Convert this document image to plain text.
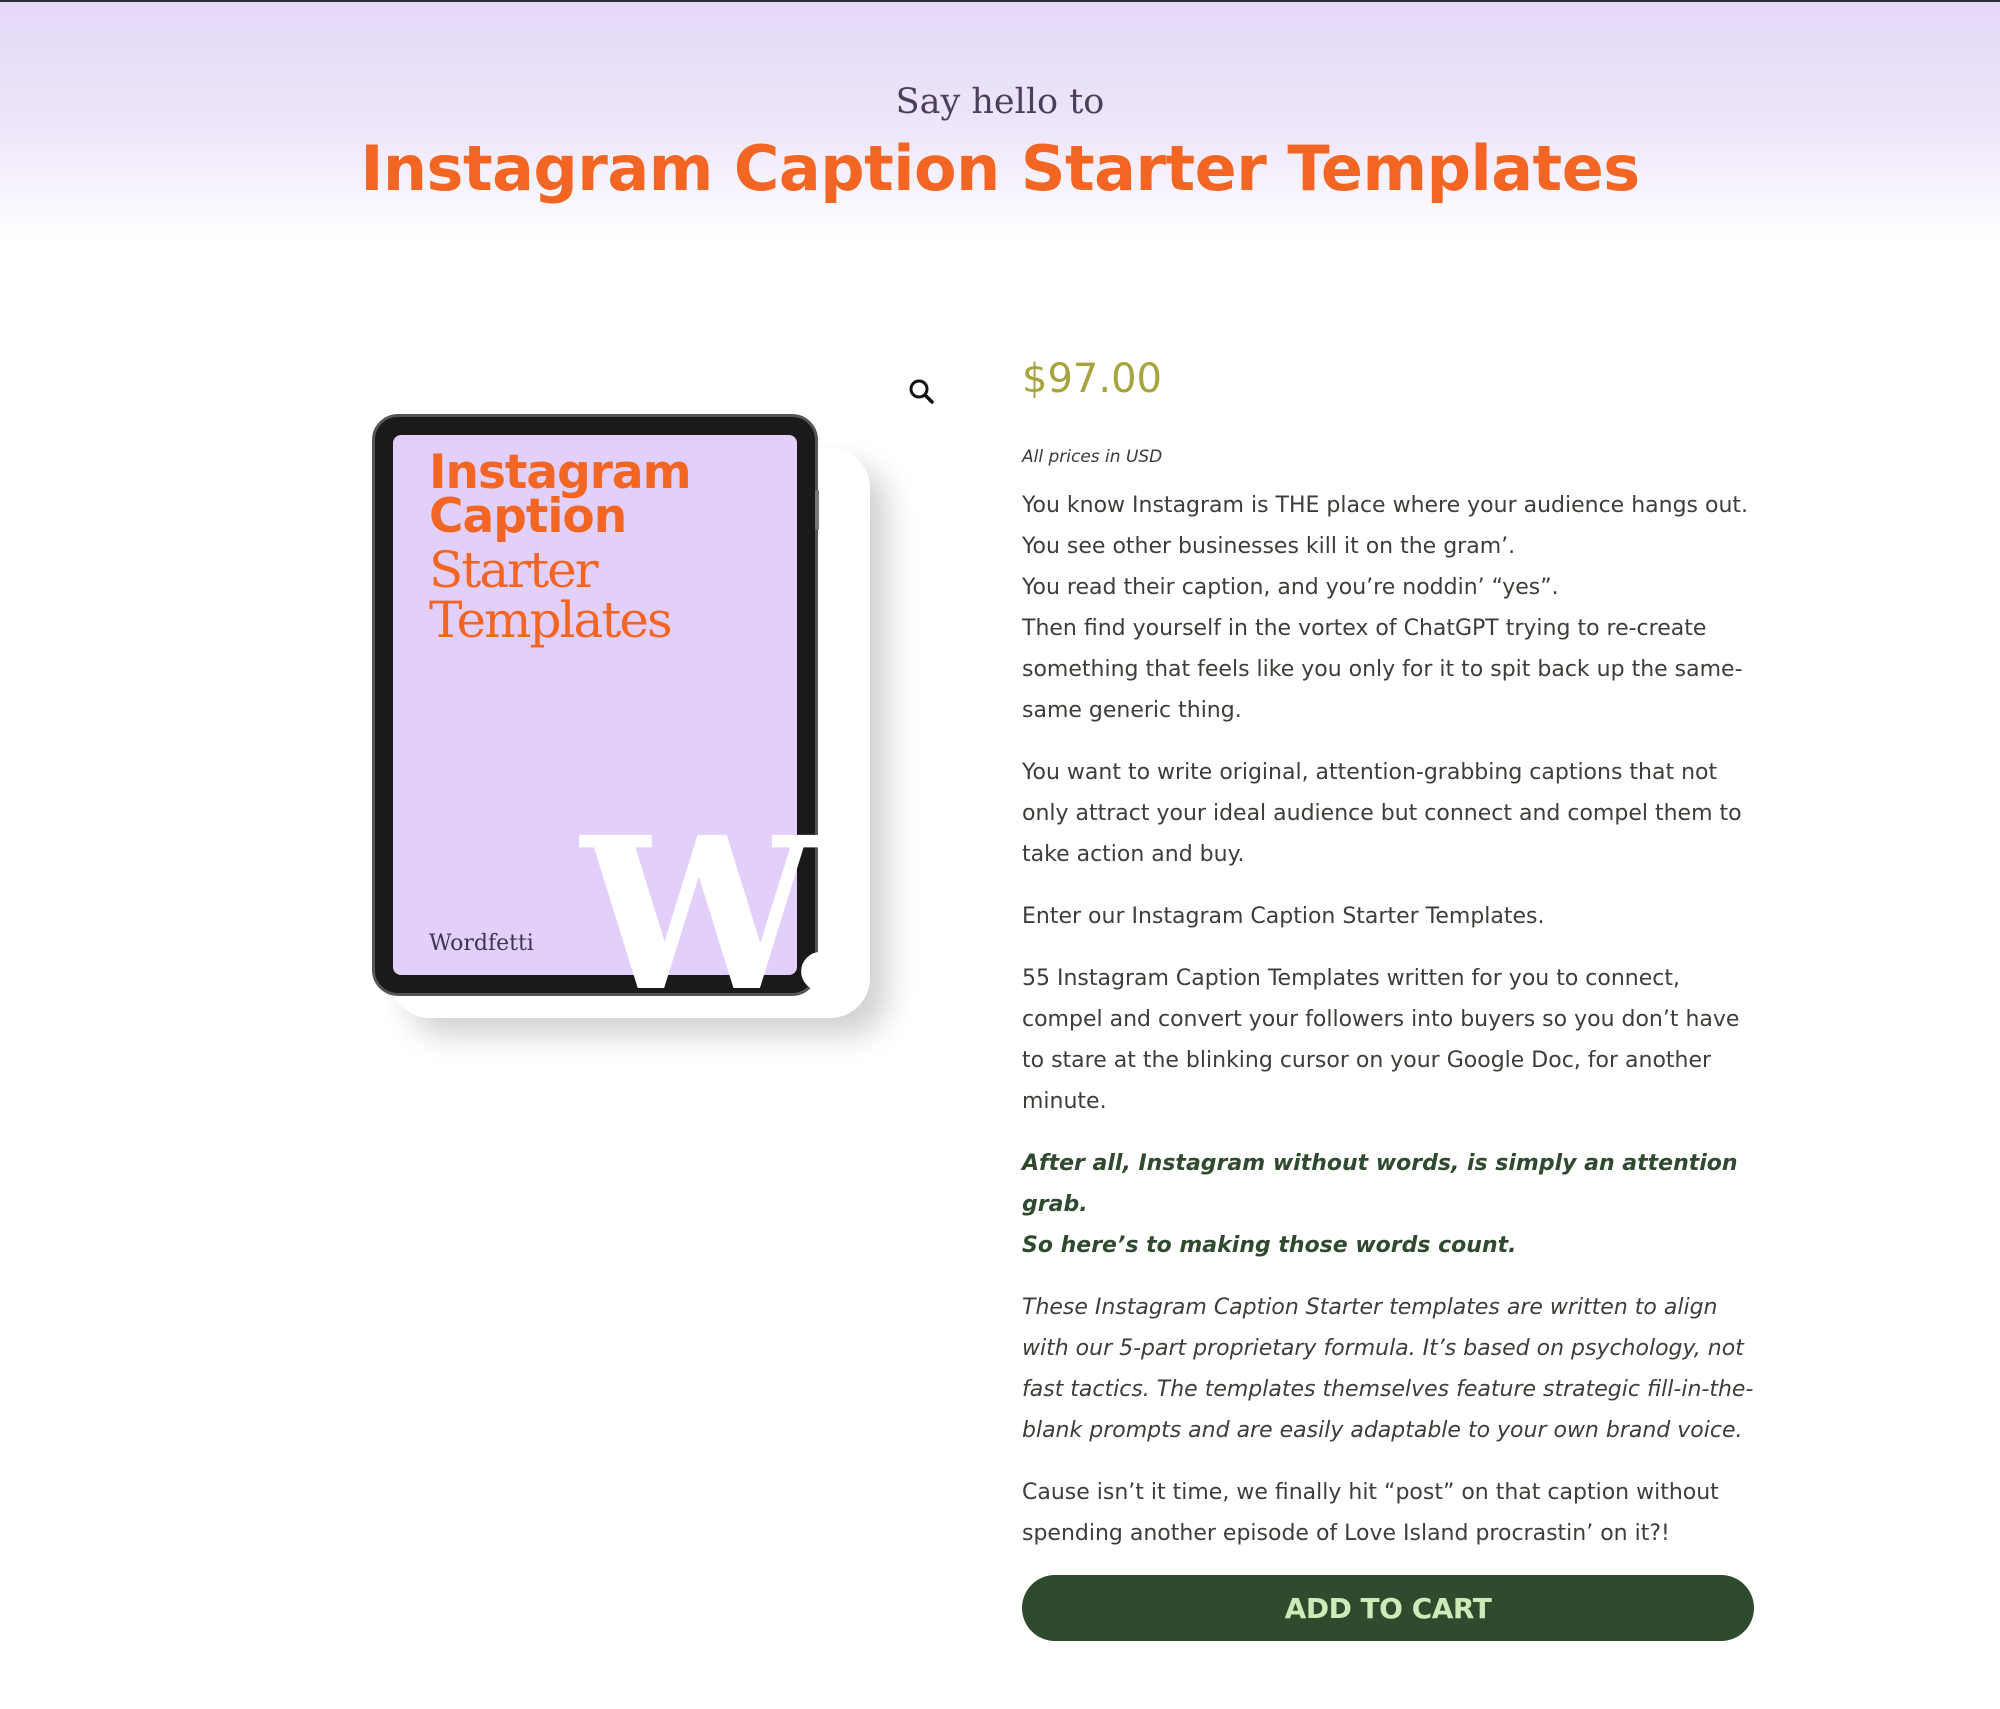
Say hello to
Instagram Caption Starter Templates
Instagram
Caption
Starter
Templates
W.
Wordfetti

$97.00

All prices in USD

You know Instagram is THE place where your audience hangs out.
You see other businesses kill it on the gram’.
You read their caption, and you’re noddin’ “yes”.
Then find yourself in the vortex of ChatGPT trying to re-create something that feels like you only for it to spit back up the same-same generic thing.

You want to write original, attention-grabbing captions that not only attract your ideal audience but connect and compel them to take action and buy.

Enter our Instagram Caption Starter Templates.

55 Instagram Caption Templates written for you to connect, compel and convert your followers into buyers so you don’t have to stare at the blinking cursor on your Google Doc, for another minute.

After all, Instagram without words, is simply an attention grab.
So here’s to making those words count.

These Instagram Caption Starter templates are written to align with our 5-part proprietary formula. It’s based on psychology, not fast tactics. The templates themselves feature strategic fill-in-the-blank prompts and are easily adaptable to your own brand voice.

Cause isn’t it time, we finally hit “post” on that caption without spending another episode of Love Island procrastin’ on it?!

ADD TO CART
